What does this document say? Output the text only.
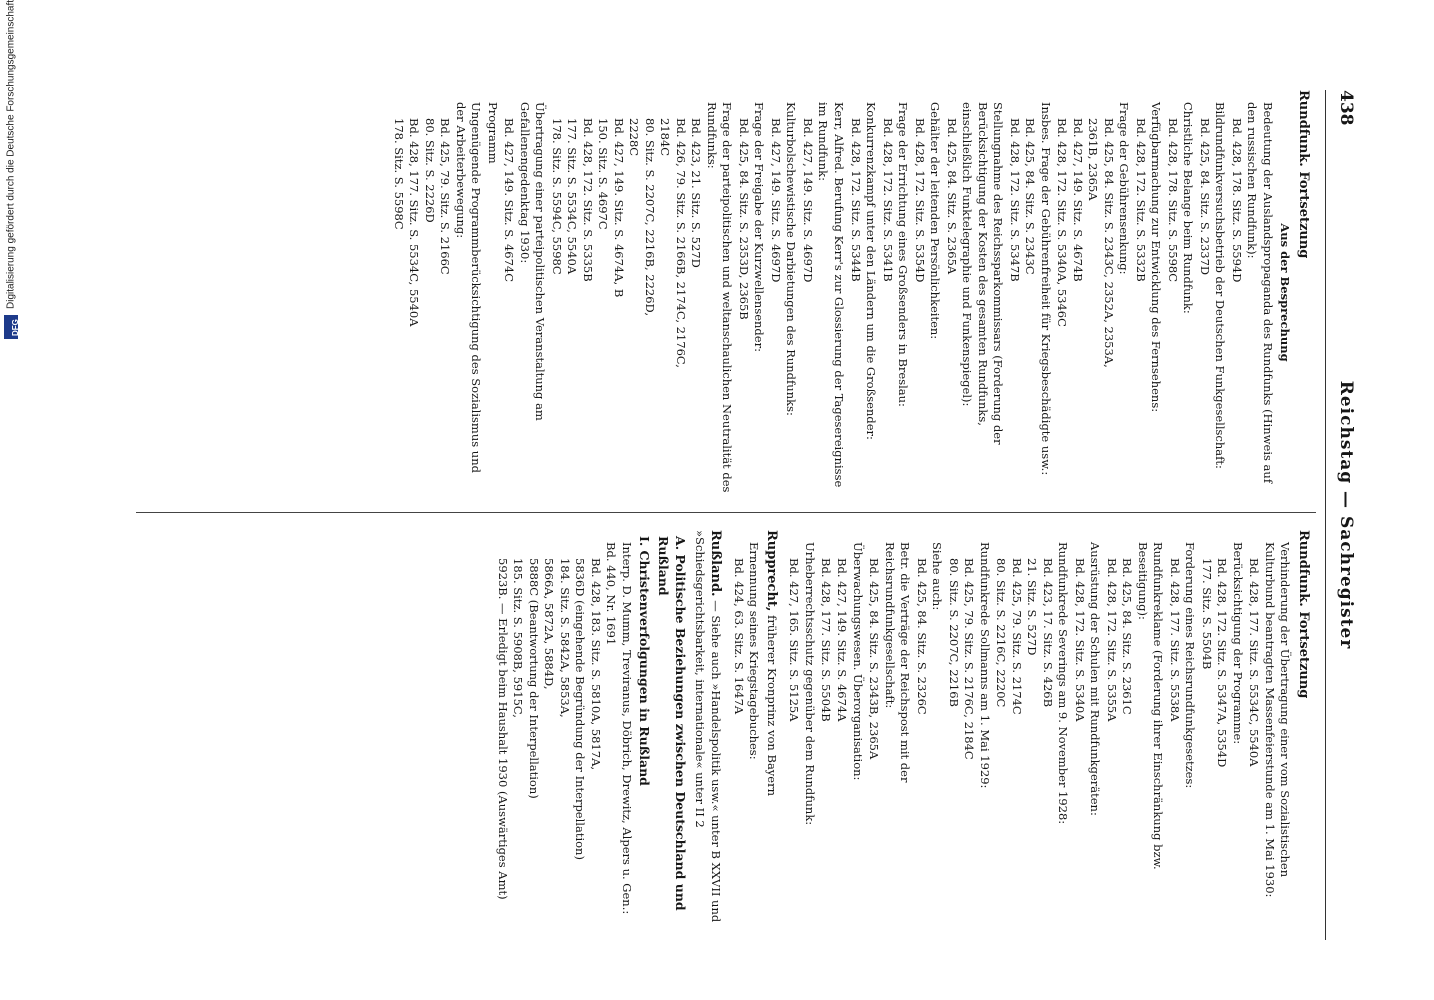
DFG
Digitalisierung gefördert durch die Deutsche Forschungsgemeinschaft	438
Reichstag — Sachregister
Rundfunk. Fortsetzung
Aus der Besprechung
Bedeutung der Auslandspropaganda des Rundfunks (Hinweis auf den russischen Rundfunk):
Bd. 428, 178. Sitz. S. 5594D
Bildrundfunkversuchsbetrieb der Deutschen Funkgesellschaft:
Bd. 425, 84. Sitz. S. 2337D
Christliche Belange beim Rundfunk:
Bd. 428, 178. Sitz. S. 5598C
Verfügbarmachung zur Entwicklung des Fernsehens:
Bd. 428, 172. Sitz. S. 5332B
Frage der Gebührensenkung:
Bd. 425, 84. Sitz. S. 2343C, 2352A, 2353A,
2361B, 2365A
Bd. 427, 149. Sitz. S. 4674B
Bd. 428, 172. Sitz. S. 5340A, 5346C
Insbes. Frage der Gebührenfreiheit für Kriegsbeschädigte usw.:
Bd. 425, 84. Sitz. S. 2343C
Bd. 428, 172. Sitz. S. 5347B
Stellungnahme des Reichssparkommissars (Forderung der Berücksichtigung der Kosten des gesamten Rundfunks, einschließlich Funktelegraphie und Funkenspiegel):
Bd. 425, 84. Sitz. S. 2365A
Gehälter der leitenden Persönlichkeiten:
Bd. 428, 172. Sitz. S. 5354D
Frage der Errichtung eines Großsenders in Breslau:
Bd. 428, 172. Sitz. S. 5341B
Konkurrenzkampf unter den Ländern um die Großsender:
Bd. 428, 172. Sitz. S. 5344B
Kerr, Alfred. Berufung Kerr's zur Glossierung der Tagesereignisse im Rundfunk:
Bd. 427, 149. Sitz. S. 4697D
Kulturbolschewistische Darbietungen des Rundfunks:
Bd. 427, 149. Sitz. S. 4697D
Frage der Freigabe der Kurzwellensender:
Bd. 425, 84. Sitz. S. 2353D, 2365B
Frage der parteipolitischen und weltanschaulichen Neutralität des Rundfunks:
Bd. 423, 21. Sitz. S. 527D
Bd. 426, 79. Sitz. S. 2166B, 2174C, 2176C,
2184C
80. Sitz. S. 2207C, 2216B, 2226D,
2228C
Bd. 427, 149. Sitz. S. 4674A, B
150. Sitz. S. 4697C
Bd. 428, 172. Sitz. S. 5335B
177. Sitz. S. 5534C, 5540A
178. Sitz. S. 5594C, 5598C
Übertragung einer parteipolitischen Veranstaltung am Gefallenengedenktag 1930:
Bd. 427, 149. Sitz. S. 4674C
Programm
Ungenügende Programmberücksichtigung des Sozialismus und der Arbeiterbewegung:
Bd. 425, 79. Sitz. S. 2166C
80. Sitz. S. 2226D
Bd. 428, 177. Sitz. S. 5534C, 5540A
178. Sitz. S. 5598C
Rundfunk. Fortsetzung
Verhinderung der Übertragung einer vom Sozialistischen Kulturbund beantragten Massenfeierstunde am 1. Mai 1930:
Bd. 428, 177. Sitz. S. 5534C, 5540A
Berücksichtigung der Programme:
Bd. 428, 172. Sitz. S. 5347A, 5354D
177. Sitz. S. 5504B
Forderung eines Reichsrundfunkgesetzes:
Bd. 428, 177. Sitz. S. 5538A
Rundfunkreklame (Forderung ihrer Einschränkung bzw. Beseitigung):
Bd. 425, 84. Sitz. S. 2361C
Bd. 428, 172. Sitz. S. 5355A
Ausrüstung der Schulen mit Rundfunkgeräten:
Bd. 428, 172. Sitz. S. 5340A
Rundfunkrede Severings am 9. November 1928:
Bd. 423, 17. Sitz. S. 426B
21. Sitz. S. 527D
Bd. 425, 79. Sitz. S. 2174C
80. Sitz. S. 2216C, 2220C
Rundfunkrede Sollmanns am 1. Mai 1929:
Bd. 425, 79. Sitz. S. 2176C, 2184C
80. Sitz. S. 2207C, 2216B
Siehe auch:
Bd. 425, 84. Sitz. S. 2326C
Betr. die Verträge der Reichspost mit der Reichsrundfunkgesellschaft:
Bd. 425, 84. Sitz. S. 2343B, 2365A
Überwachungswesen. Überorganisation:
Bd. 427, 149. Sitz. S. 4674A
Bd. 428, 177. Sitz. S. 5504B
Urheberrechtsschutz gegenüber dem Rundfunk:
Bd. 427, 165. Sitz. S. 5125A
Rupprecht, früherer Kronprinz von Bayern
Ernennung seines Kriegstagebuches:
Bd. 424, 63. Sitz. S. 1647A
Rußland. — Siehe auch »Handelspolitik usw.« unter B XXVII und »Schiedsgerichtsbarkeit, internationale« unter II 2
A. Politische Beziehungen zwischen Deutschland und Rußland
I. Christenverfolgungen in Rußland
Interp. D. Mumm, Treviranus, Döbrich, Drewitz, Alpers u. Gen.: Bd. 440, Nr. 1691
Bd. 428, 183. Sitz. S. 5810A, 5817A,
5836D (eingehende Begründung der Interpellation)
184. Sitz. S. 5842A, 5853A,
5866A, 5872A, 5884D,
5888C (Beantwortung der Interpellation)
185. Sitz. S. 5908B, 5915C,
5923B. — Erledigt beim Haushalt 1930 (Auswärtiges Amt)
